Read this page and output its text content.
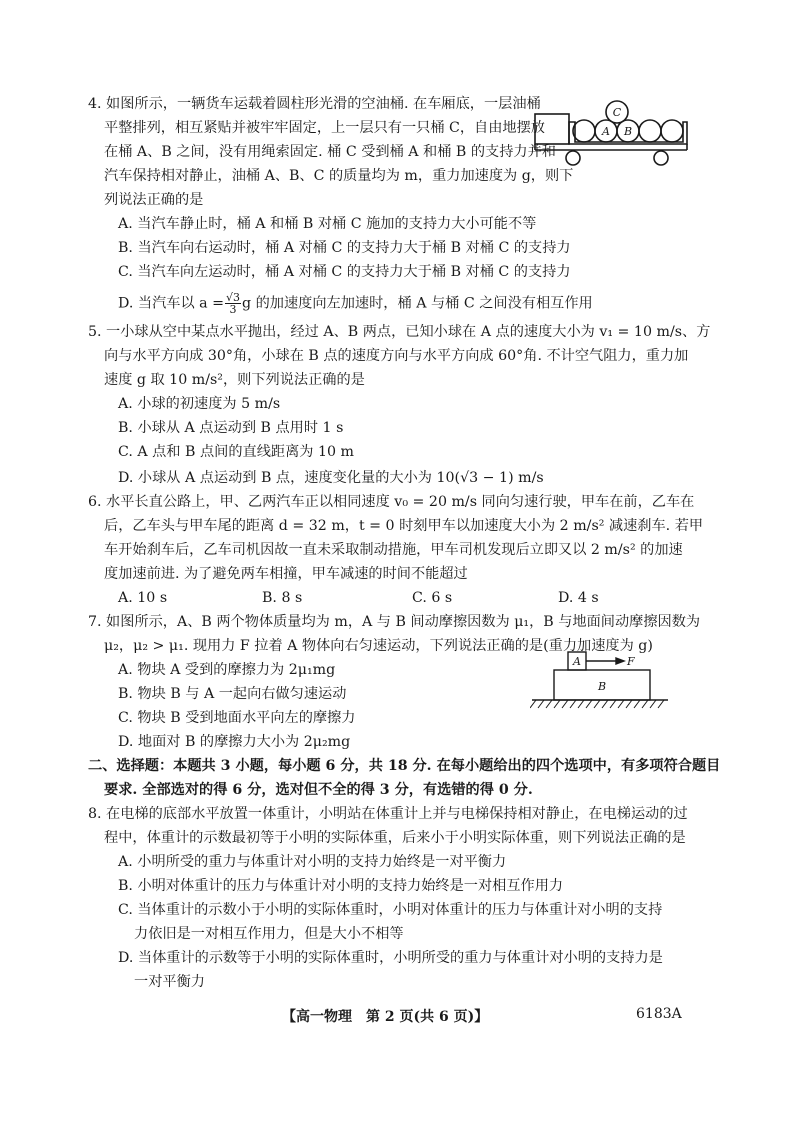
4. 如图所示，一辆货车运载着圆柱形光滑的空油桶. 在车厢底，一层油桶
平整排列，相互紧贴并被牢牢固定，上一层只有一只桶 C，自由地摆放
在桶 A、B 之间，没有用绳索固定. 桶 C 受到桶 A 和桶 B 的支持力并和
汽车保持相对静止，油桶 A、B、C 的质量均为 m，重力加速度为 g，则下
列说法正确的是
A. 当汽车静止时，桶 A 和桶 B 对桶 C 施加的支持力大小可能不等
B. 当汽车向右运动时，桶 A 对桶 C 的支持力大于桶 B 对桶 C 的支持力
C. 当汽车向左运动时，桶 A 对桶 C 的支持力大于桶 B 对桶 C 的支持力
D. 当汽车以 $a = \frac{√3}{3}$ g 的加速度向左加速时，桶 A 与桶 C 之间没有相互作用
C
A B
5. 一小球从空中某点水平抛出，经过 A、B 两点，已知小球在 A 点的速度大小为 v₁ = 10 m/s、方
向与水平方向成 30°角，小球在 B 点的速度方向与水平方向成 60°角. 不计空气阻力，重力加
速度 g 取 10 m/s²，则下列说法正确的是
A. 小球的初速度为 5 m/s
B. 小球从 A 点运动到 B 点用时 1 s
C. A 点和 B 点间的直线距离为 10 m
D. 小球从 A 点运动到 B 点，速度变化量的大小为 10(√3 − 1) m/s
6. 水平长直公路上，甲、乙两汽车正以相同速度 v₀ = 20 m/s 同向匀速行驶，甲车在前，乙车在
后，乙车头与甲车尾的距离 d = 32 m，t = 0 时刻甲车以加速度大小为 2 m/s² 减速刹车. 若甲
车开始刹车后，乙车司机因故一直未采取制动措施，甲车司机发现后立即又以 2 m/s² 的加速
度加速前进. 为了避免两车相撞，甲车减速的时间不能超过
A. 10 s	B. 8 s	C. 6 s	D. 4 s
7. 如图所示，A、B 两个物体质量均为 m，A 与 B 间动摩擦因数为 μ₁，B 与地面间动摩擦因数为
μ₂，μ₂ > μ₁. 现用力 F 拉着 A 物体向右匀速运动，下列说法正确的是(重力加速度为 g)
A. 物块 A 受到的摩擦力为 2μ₁mg
B. 物块 B 与 A 一起向右做匀速运动
C. 物块 B 受到地面水平向左的摩擦力
D. 地面对 B 的摩擦力大小为 2μ₂mg
A
B
F
二、选择题：本题共 3 小题，每小题 6 分，共 18 分. 在每小题给出的四个选项中，有多项符合题目
要求. 全部选对的得 6 分，选对但不全的得 3 分，有选错的得 0 分.
8. 在电梯的底部水平放置一体重计，小明站在体重计上并与电梯保持相对静止，在电梯运动的过
程中，体重计的示数最初等于小明的实际体重，后来小于小明实际体重，则下列说法正确的是
A. 小明所受的重力与体重计对小明的支持力始终是一对平衡力
B. 小明对体重计的压力与体重计对小明的支持力始终是一对相互作用力
C. 当体重计的示数小于小明的实际体重时，小明对体重计的压力与体重计对小明的支持
力依旧是一对相互作用力，但是大小不相等
D. 当体重计的示数等于小明的实际体重时，小明所受的重力与体重计对小明的支持力是
一对平衡力
【高一物理　第 2 页(共 6 页)】	6183A
